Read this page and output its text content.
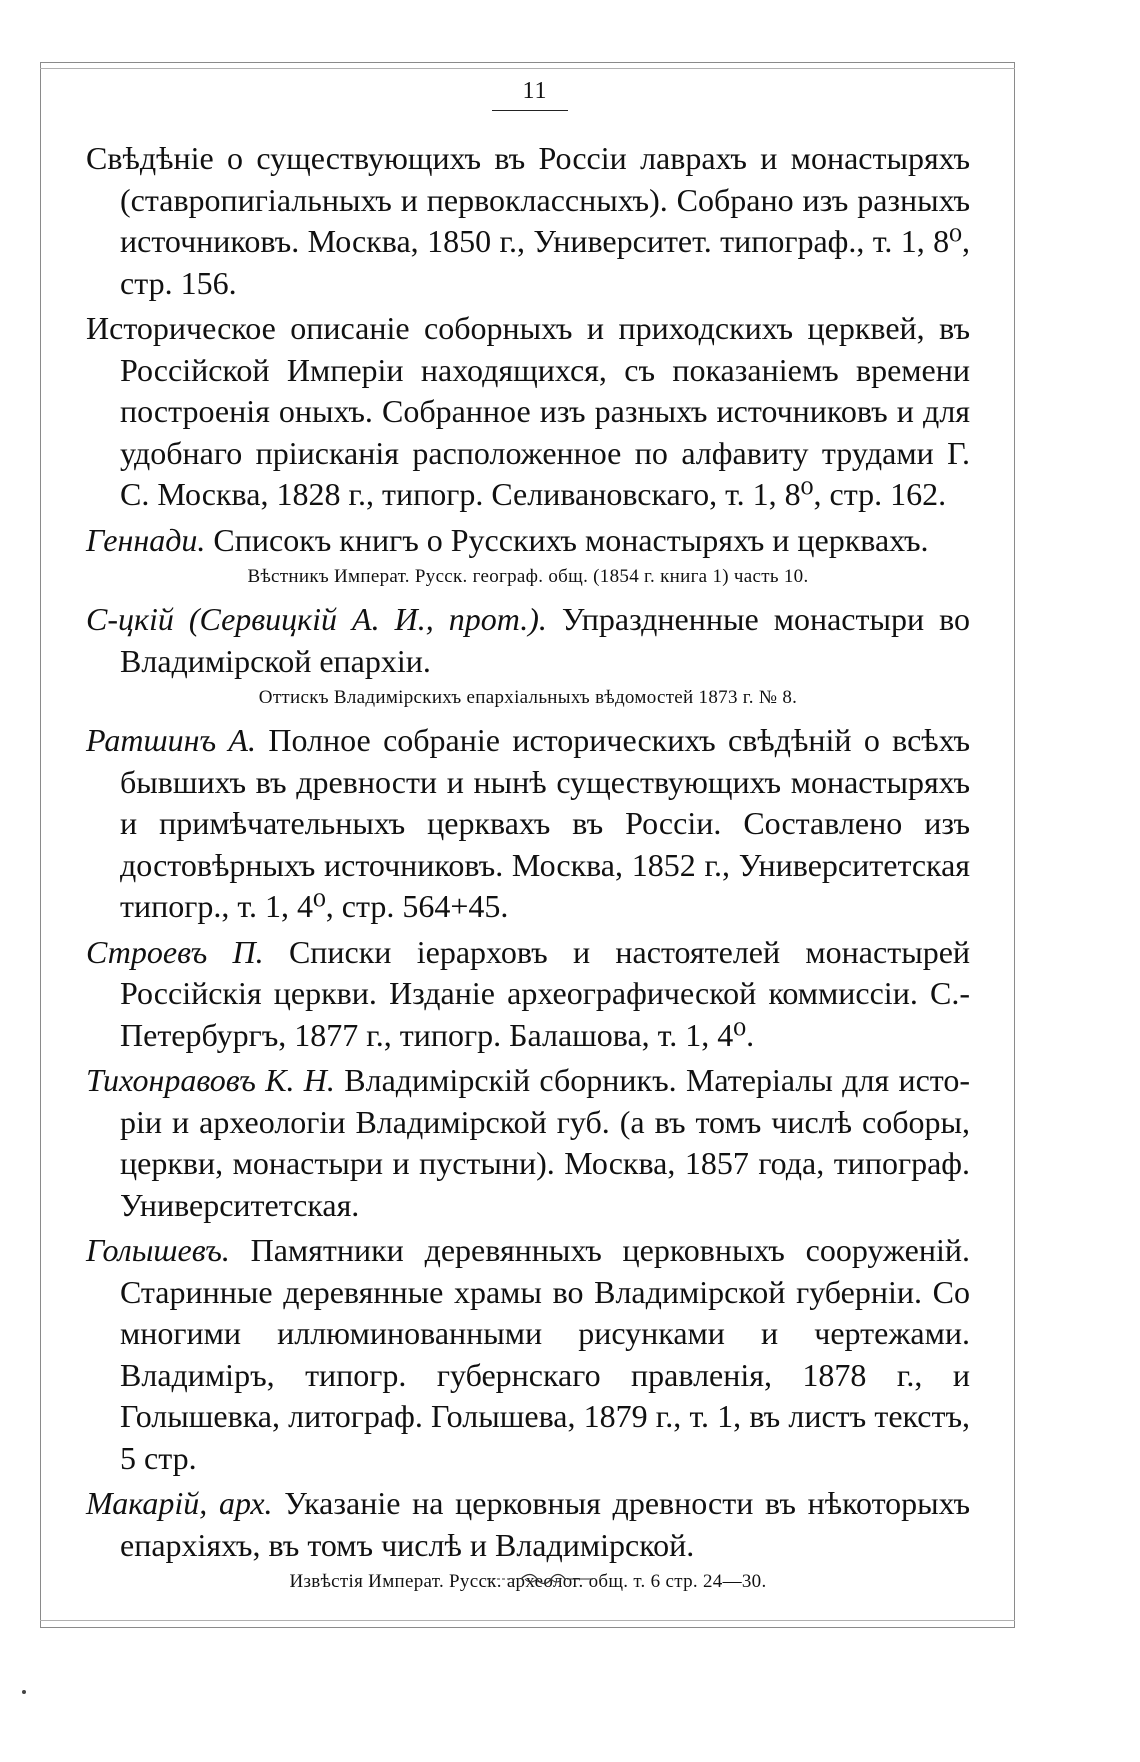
11

Свѣдѣніе о существующихъ въ Россіи лаврахъ и монастыряхъ (ставропигіальныхъ и первоклассныхъ). Собрано изъ разныхъ источниковъ. Москва, 1850 г., Университет. типограф., т. 1, 8⁰, стр. 156.

Историческое описаніе соборныхъ и приходскихъ церквей, въ Россійской Имперіи находящихся, съ показаніемъ времени построенія оныхъ. Собранное изъ разныхъ источниковъ и для удобнаго пріисканія расположенное по алфавиту трудами Г. С. Москва, 1828 г., типогр. Селивановскаго, т. 1, 8⁰, стр. 162.

Геннади. Списокъ книгъ о Русскихъ монастыряхъ и церквахъ.

Вѣстникъ Императ. Русск. географ. общ. (1854 г. книга 1) часть 10.

С-цкій (Сервицкій А. И., прот.). Упраздненные монастыри во Владимірской епархіи.

Оттискъ Владимірскихъ епархіальныхъ вѣдомостей 1873 г. № 8.

Ратшинъ А. Полное собраніе историческихъ свѣдѣній о всѣхъ бывшихъ въ древности и нынѣ существующихъ монастыряхъ и примѣчательныхъ церквахъ въ Россіи. Составлено изъ достовѣрныхъ источниковъ. Москва, 1852 г., Университетская типогр., т. 1, 4⁰, стр. 564+45.

Строевъ П. Списки іерарховъ и настоятелей монастырей Россійскія церкви. Изданіе археографической коммиссіи. С.-Петербургъ, 1877 г., типогр. Балашова, т. 1, 4⁰.

Тихонравовъ К. Н. Владимірскій сборникъ. Матеріалы для исторіи и археологіи Владимірской губ. (а въ томъ числѣ соборы, церкви, монастыри и пустыни). Москва, 1857 года, типограф. Университетская.

Голышевъ. Памятники деревянныхъ церковныхъ сооруженій. Старинные деревянные храмы во Владимірской губерніи. Со многими иллюминованными рисунками и чертежами. Владиміръ, типогр. губернскаго правленія, 1878 г., и Голышевка, литограф. Голышева, 1879 г., т. 1, въ листъ текстъ, 5 стр.

Макарій, арх. Указаніе на церковныя древности въ нѣкоторыхъ епархіяхъ, въ томъ числѣ и Владимірской.

Извѣстія Императ. Русск. археолог. общ. т. 6 стр. 24—30.
